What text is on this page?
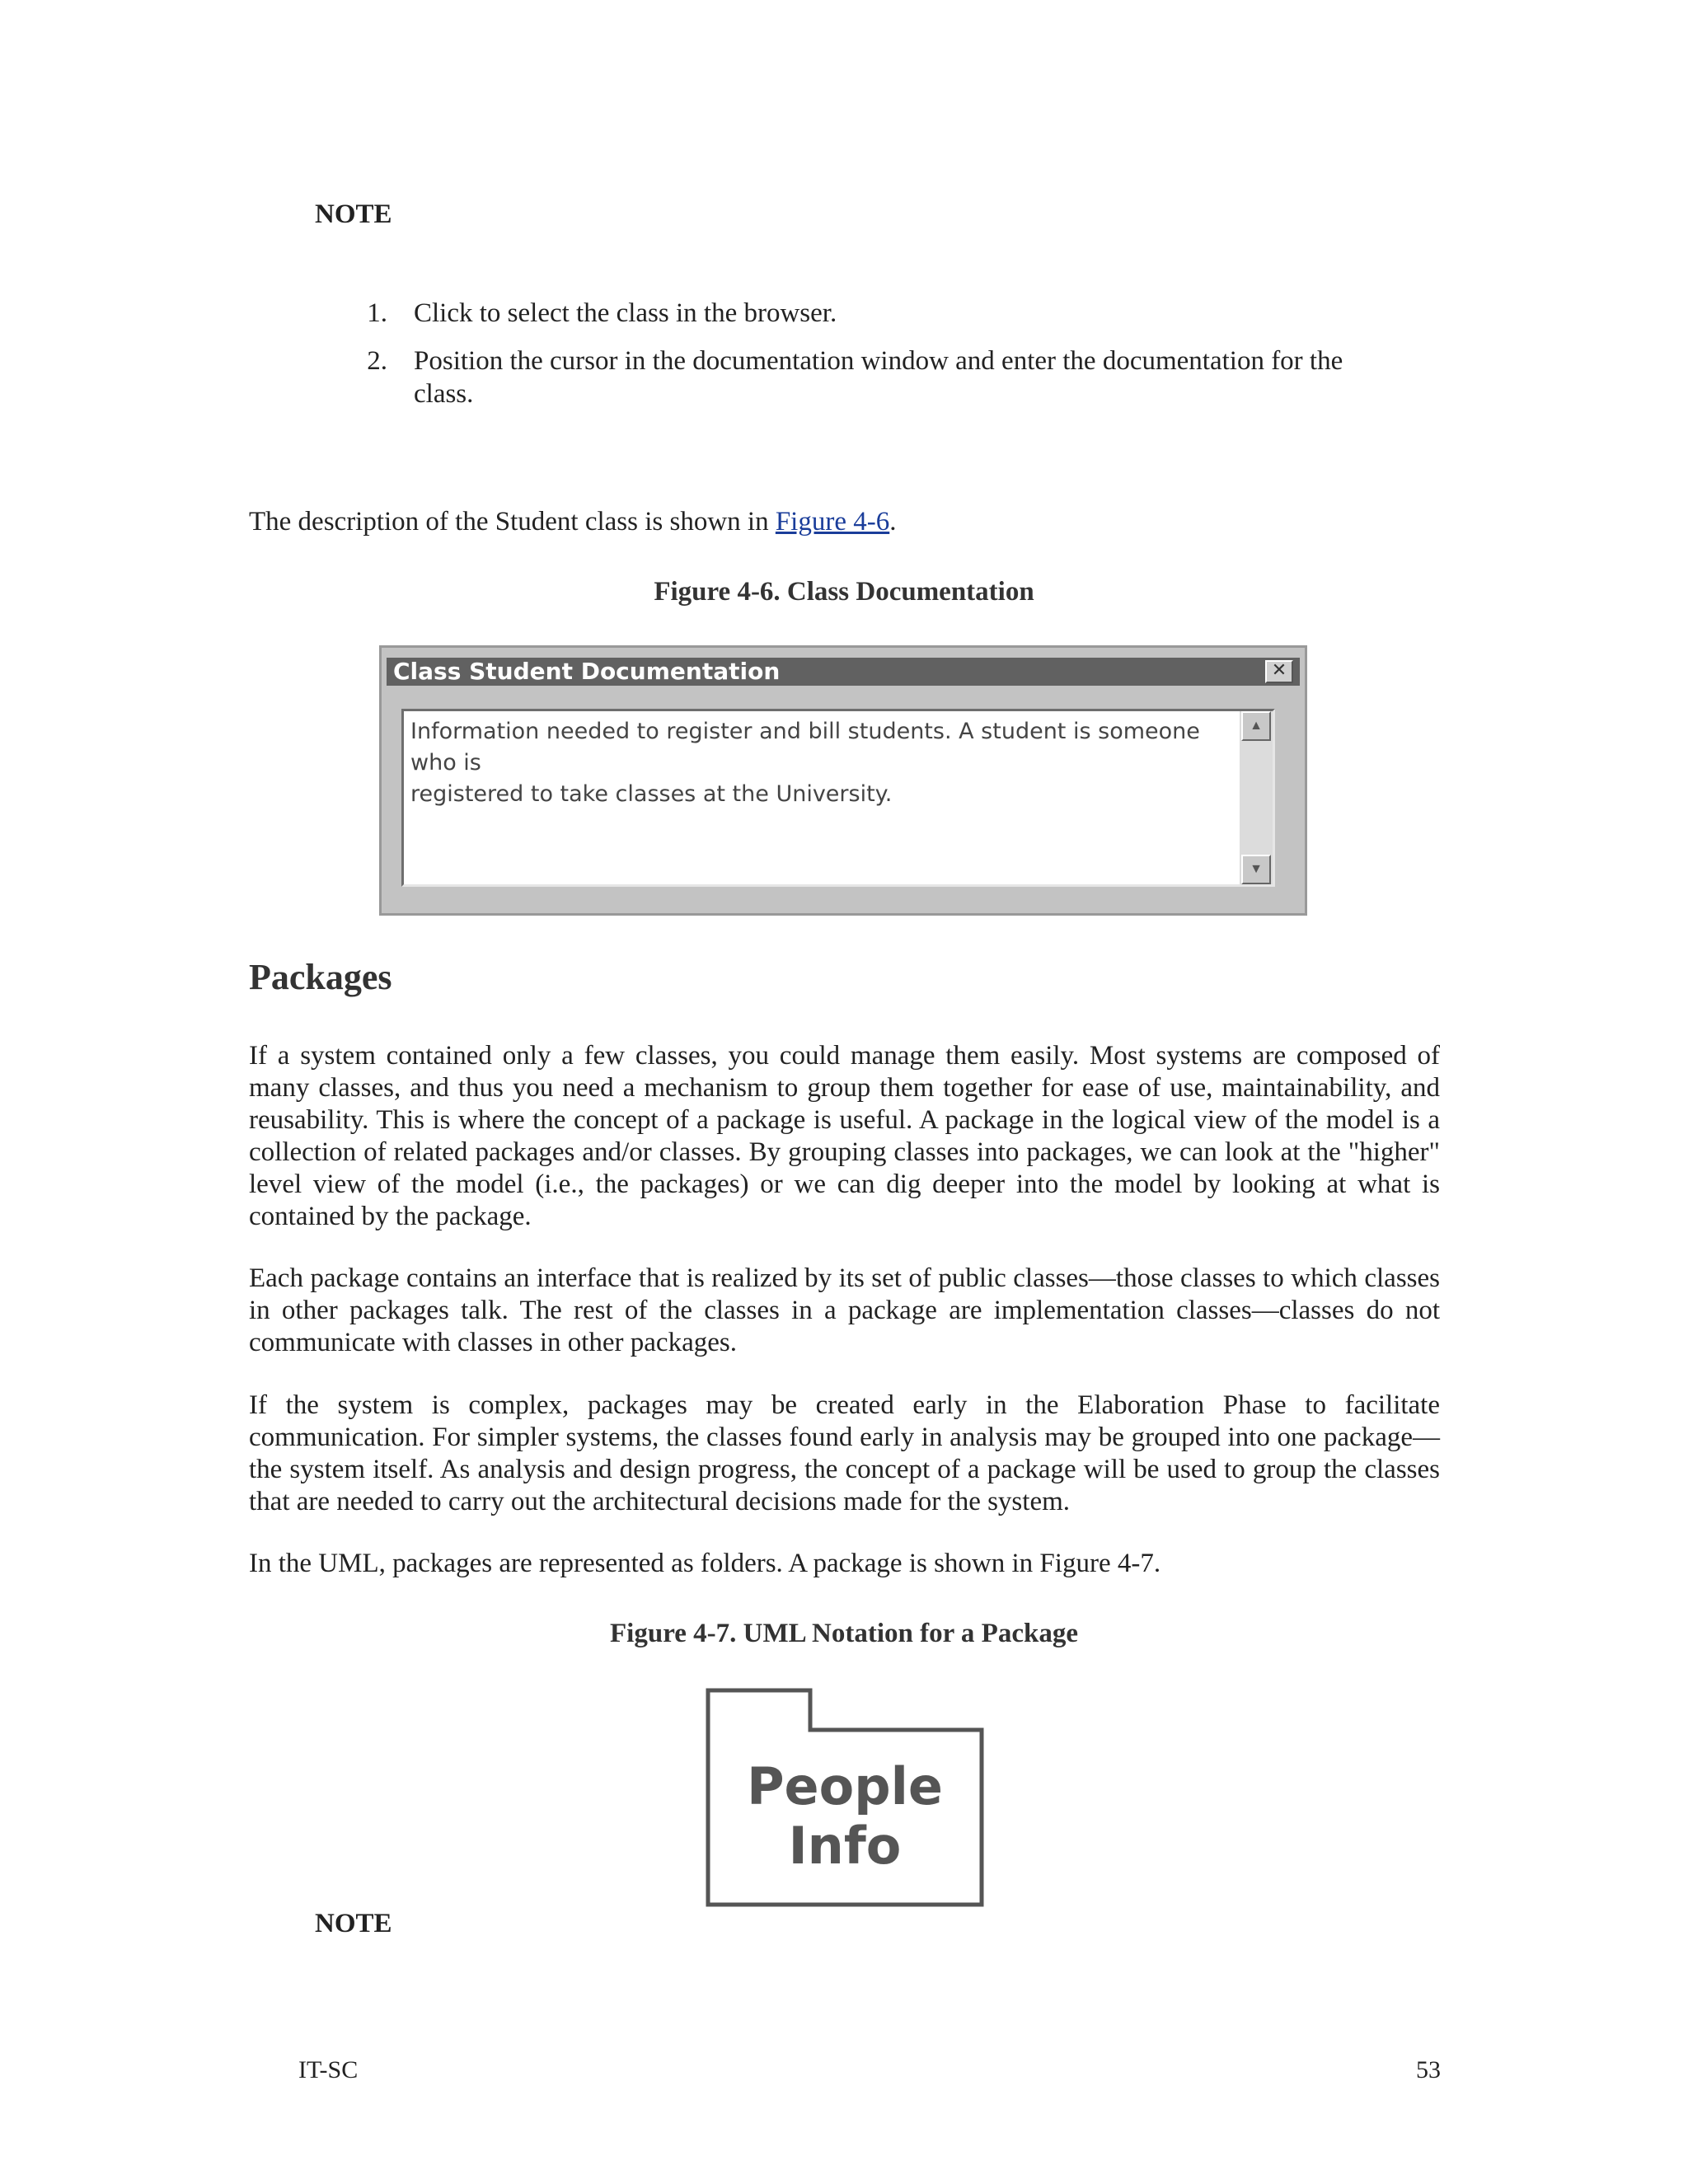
NOTE
1. Click to select the class in the browser.
2. Position the cursor in the documentation window and enter the documentation for the
class.

The description of the Student class is shown in Figure 4-6.

Figure 4-6. Class Documentation
Class Student Documentation	✕
Information needed to register and bill students. A student is someone who is
registered to take classes at the University.
▲
▼
Packages

If a system contained only a few classes, you could manage them easily. Most systems are composed of many classes, and thus you need a mechanism to group them together for ease of use, maintainability, and reusability. This is where the concept of a package is useful. A package in the logical view of the model is a collection of related packages and/or classes. By grouping classes into packages, we can look at the "higher" level view of the model (i.e., the packages) or we can dig deeper into the model by looking at what is contained by the package.

Each package contains an interface that is realized by its set of public classes—those classes to which classes in other packages talk. The rest of the classes in a package are implementation classes—classes do not communicate with classes in other packages.

If the system is complex, packages may be created early in the Elaboration Phase to facilitate communication. For simpler systems, the classes found early in analysis may be grouped into one package—the system itself. As analysis and design progress, the concept of a package will be used to group the classes that are needed to carry out the architectural decisions made for the system.

In the UML, packages are represented as folders. A package is shown in Figure 4-7.

Figure 4-7. UML Notation for a Package
People
Info
NOTE
IT-SC	53
